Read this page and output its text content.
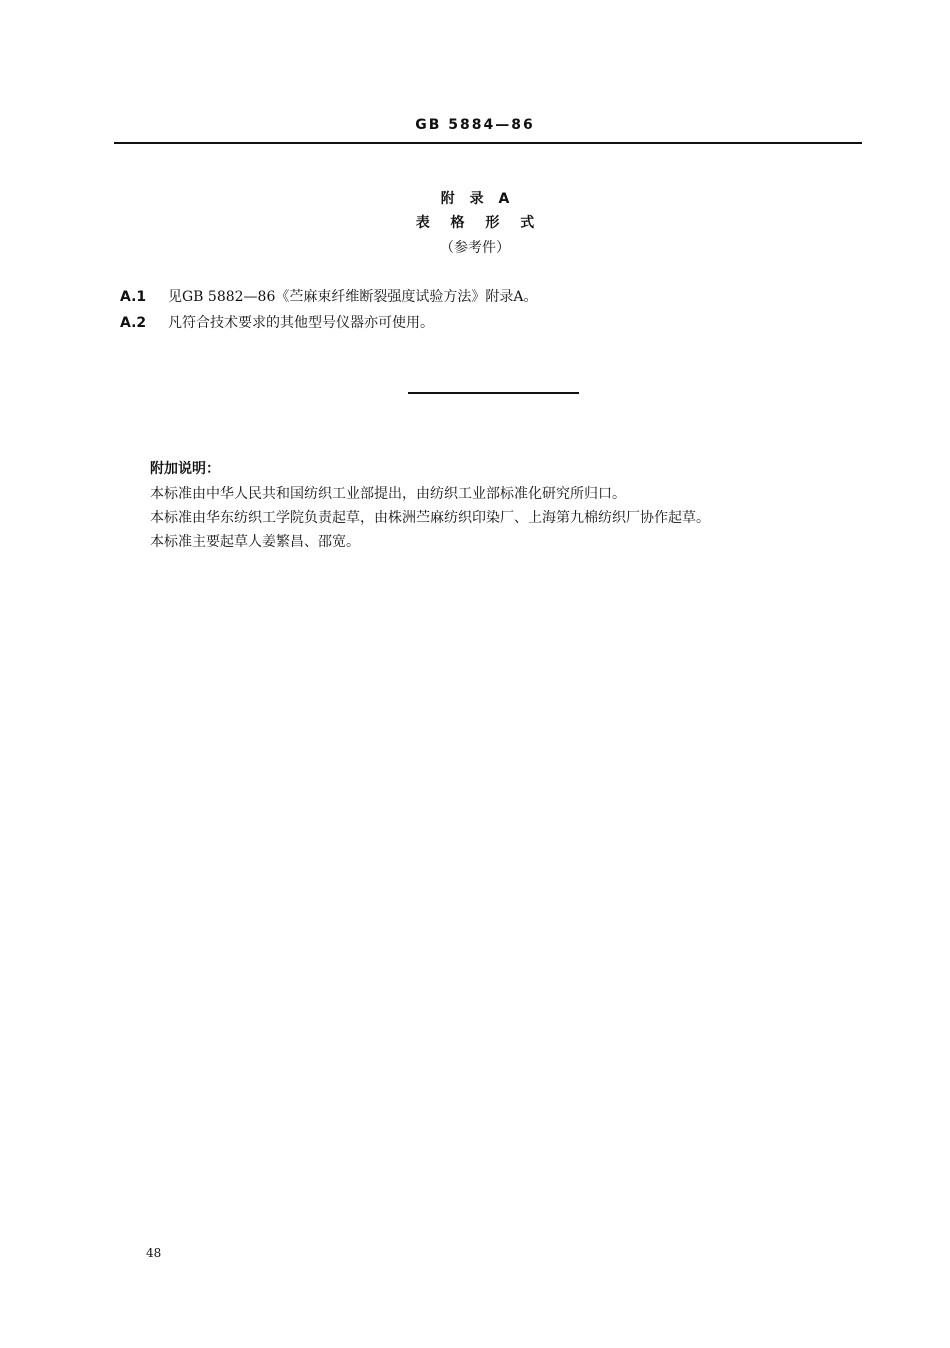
GB 5884—86
附 录 A
表 格 形 式
（参考件）
A.1 见GB 5882—86《苎麻束纤维断裂强度试验方法》附录A。
A.2 凡符合技术要求的其他型号仪器亦可使用。
附加说明：
本标准由中华人民共和国纺织工业部提出，由纺织工业部标准化研究所归口。
本标准由华东纺织工学院负责起草，由株洲苎麻纺织印染厂、上海第九棉纺织厂协作起草。
本标准主要起草人姜繁昌、邵宽。
48
